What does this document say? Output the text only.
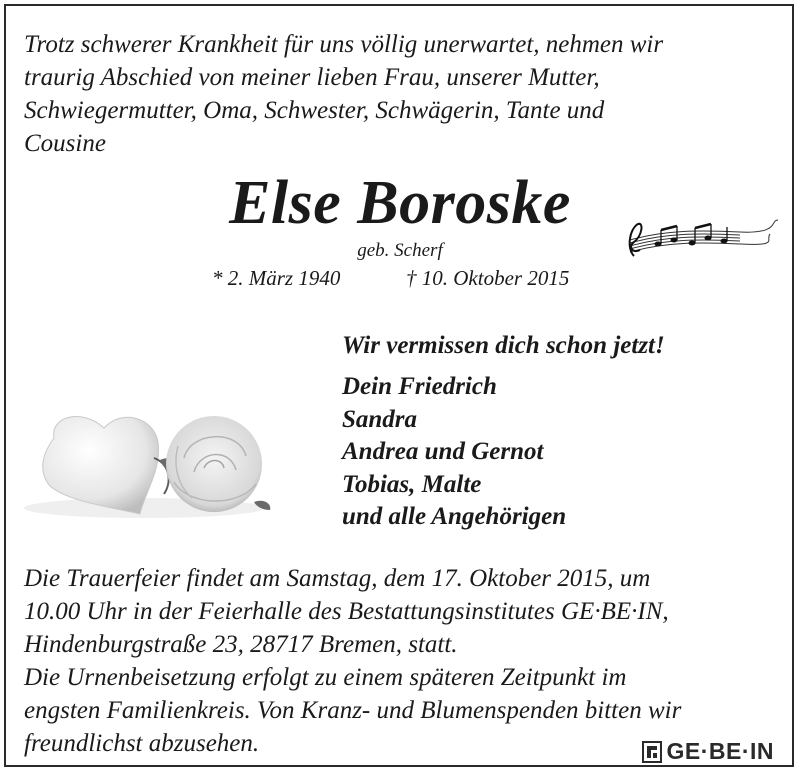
Trotz schwerer Krankheit für uns völlig unerwartet, nehmen wir
traurig Abschied von meiner lieben Frau, unserer Mutter,
Schwiegermutter, Oma, Schwester, Schwägerin, Tante und
Cousine
Else Boroske
geb. Scherf
* 2. März 1940	† 10. Oktober 2015
Wir vermissen dich schon jetzt!
Dein Friedrich
Sandra
Andrea und Gernot
Tobias, Malte
und alle Angehörigen

Die Trauerfeier findet am Samstag, dem 17. Oktober 2015, um
10.00 Uhr in der Feierhalle des Bestattungsinstitutes GE·BE·IN,
Hindenburgstraße 23, 28717 Bremen, statt.

Die Urnenbeisetzung erfolgt zu einem späteren Zeitpunkt im
engsten Familienkreis. Von Kranz- und Blumenspenden bitten wir
freundlichst abzusehen.	GE·BE·IN
